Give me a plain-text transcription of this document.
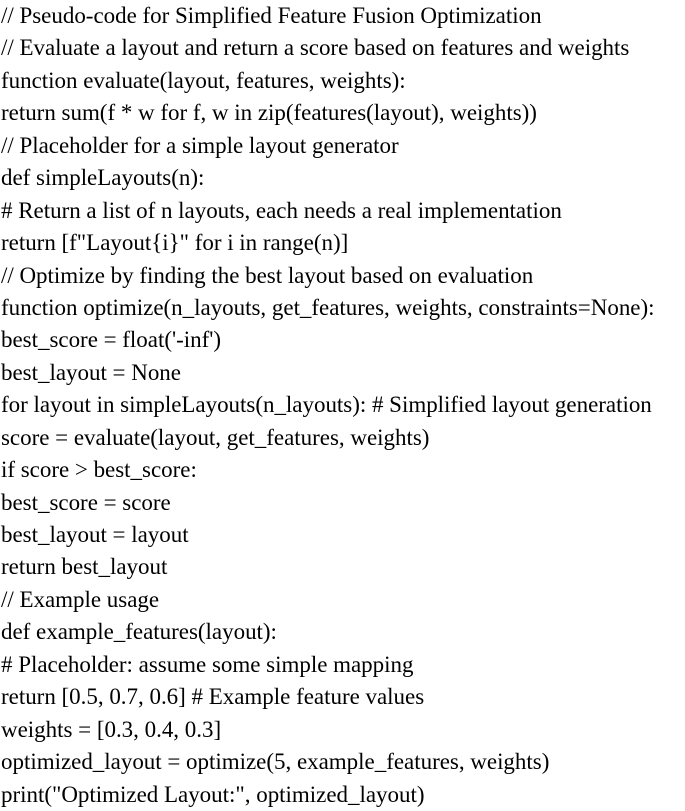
// Pseudo-code for Simplified Feature Fusion Optimization
// Evaluate a layout and return a score based on features and weights
function evaluate(layout, features, weights):
return sum(f * w for f, w in zip(features(layout), weights))
// Placeholder for a simple layout generator
def simpleLayouts(n):
# Return a list of n layouts, each needs a real implementation
return [f"Layout{i}" for i in range(n)]
// Optimize by finding the best layout based on evaluation
function optimize(n_layouts, get_features, weights, constraints=None):
best_score = float('-inf')
best_layout = None
for layout in simpleLayouts(n_layouts): # Simplified layout generation
score = evaluate(layout, get_features, weights)
if score > best_score:
best_score = score
best_layout = layout
return best_layout
// Example usage
def example_features(layout):
# Placeholder: assume some simple mapping
return [0.5, 0.7, 0.6] # Example feature values
weights = [0.3, 0.4, 0.3]
optimized_layout = optimize(5, example_features, weights)
print("Optimized Layout:", optimized_layout)
